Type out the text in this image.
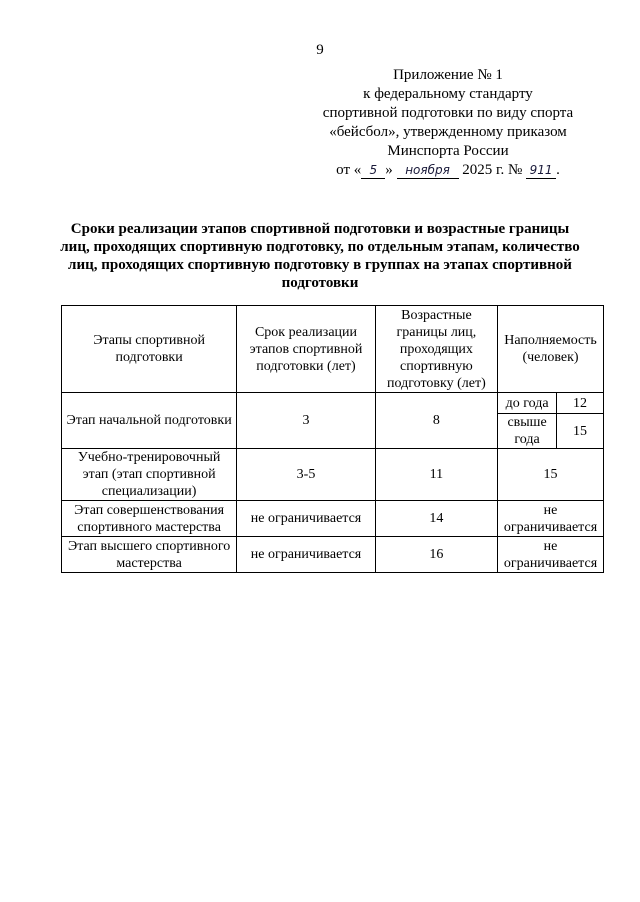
9
Приложение № 1
к федеральному стандарту
спортивной подготовки по виду спорта
«бейсбол», утвержденному приказом
Минспорта России
от « 5 » ноября 2025 г. № 911 .
Сроки реализации этапов спортивной подготовки и возрастные границы лиц, проходящих спортивную подготовку, по отдельным этапам, количество лиц, проходящих спортивную подготовку в группах на этапах спортивной подготовки
Этапы спортивной подготовки	Срок реализации этапов спортивной подготовки (лет)	Возрастные границы лиц, проходящих спортивную подготовку (лет)	Наполняемость (человек)	
Этап начальной подготовки	3	8	до года	12
			свыше года	15
Учебно-тренировочный этап (этап спортивной специализации)	3-5	11	15	
Этап совершенствования спортивного мастерства	не ограничивается	14	не ограничивается	
Этап высшего спортивного мастерства	не ограничивается	16	не ограничивается	
